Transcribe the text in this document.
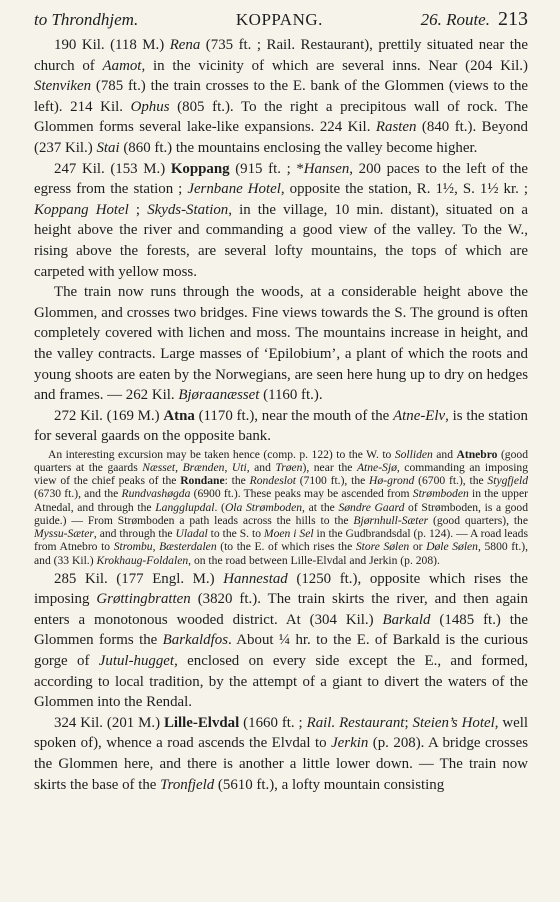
to Throndhjem.	KOPPANG.	26. Route. 213

190 Kil. (118 M.) Rena (735 ft. ; Rail. Restaurant), prettily situated near the church of Aamot, in the vicinity of which are several inns. Near (204 Kil.) Stenviken (785 ft.) the train crosses to the E. bank of the Glommen (views to the left). 214 Kil. Ophus (805 ft.). To the right a precipitous wall of rock. The Glommen forms several lake-like expansions. 224 Kil. Rasten (840 ft.). Beyond (237 Kil.) Stai (860 ft.) the mountains enclosing the valley become higher.

247 Kil. (153 M.) Koppang (915 ft. ; *Hansen, 200 paces to the left of the egress from the station ; Jernbane Hotel, opposite the station, R. 1½, S. 1½ kr. ; Koppang Hotel ; Skyds-Station, in the village, 10 min. distant), situated on a height above the river and commanding a good view of the valley. To the W., rising above the forests, are several lofty mountains, the tops of which are carpeted with yellow moss.

The train now runs through the woods, at a considerable height above the Glommen, and crosses two bridges. Fine views towards the S. The ground is often completely covered with lichen and moss. The mountains increase in height, and the valley contracts. Large masses of ‘Epilobium’, a plant of which the roots and young shoots are eaten by the Norwegians, are seen here hung up to dry on hedges and frames. — 262 Kil. Bjøraanæsset (1160 ft.).

272 Kil. (169 M.) Atna (1170 ft.), near the mouth of the Atne-Elv, is the station for several gaards on the opposite bank.

An interesting excursion may be taken hence (comp. p. 122) to the W. to Solliden and Atnebro (good quarters at the gaards Næsset, Brænden, Uti, and Trøen), near the Atne-Sjø, commanding an imposing view of the chief peaks of the Rondane: the Rondeslot (7100 ft.), the Hø-grond (6700 ft.), the Stygfjeld (6730 ft.), and the Rundvashøgda (6900 ft.). These peaks may be ascended from Strømboden in the upper Atnedal, and through the Langglupdal. (Ola Strømboden, at the Søndre Gaard of Strømboden, is a good guide.) — From Strømboden a path leads across the hills to the Bjørnhull-Sæter (good quarters), the Myssu-Sæter, and through the Uladal to the S. to Moen i Sel in the Gudbrandsdal (p. 124). — A road leads from Atnebro to Strombu, Bæsterdalen (to the E. of which rises the Store Sølen or Døle Sølen, 5800 ft.), and (33 Kil.) Krokhaug-Foldalen, on the road between Lille-Elvdal and Jerkin (p. 208).

285 Kil. (177 Engl. M.) Hannestad (1250 ft.), opposite which rises the imposing Grøttingbratten (3820 ft.). The train skirts the river, and then again enters a monotonous wooded district. At (304 Kil.) Barkald (1485 ft.) the Glommen forms the Barkaldfos. About ¼ hr. to the E. of Barkald is the curious gorge of Jutul-hugget, enclosed on every side except the E., and formed, according to local tradition, by the attempt of a giant to divert the waters of the Glommen into the Rendal.

324 Kil. (201 M.) Lille-Elvdal (1660 ft. ; Rail. Restaurant; Steien’s Hotel, well spoken of), whence a road ascends the Elvdal to Jerkin (p. 208). A bridge crosses the Glommen here, and there is another a little lower down. — The train now skirts the base of the Tronfjeld (5610 ft.), a lofty mountain consisting
